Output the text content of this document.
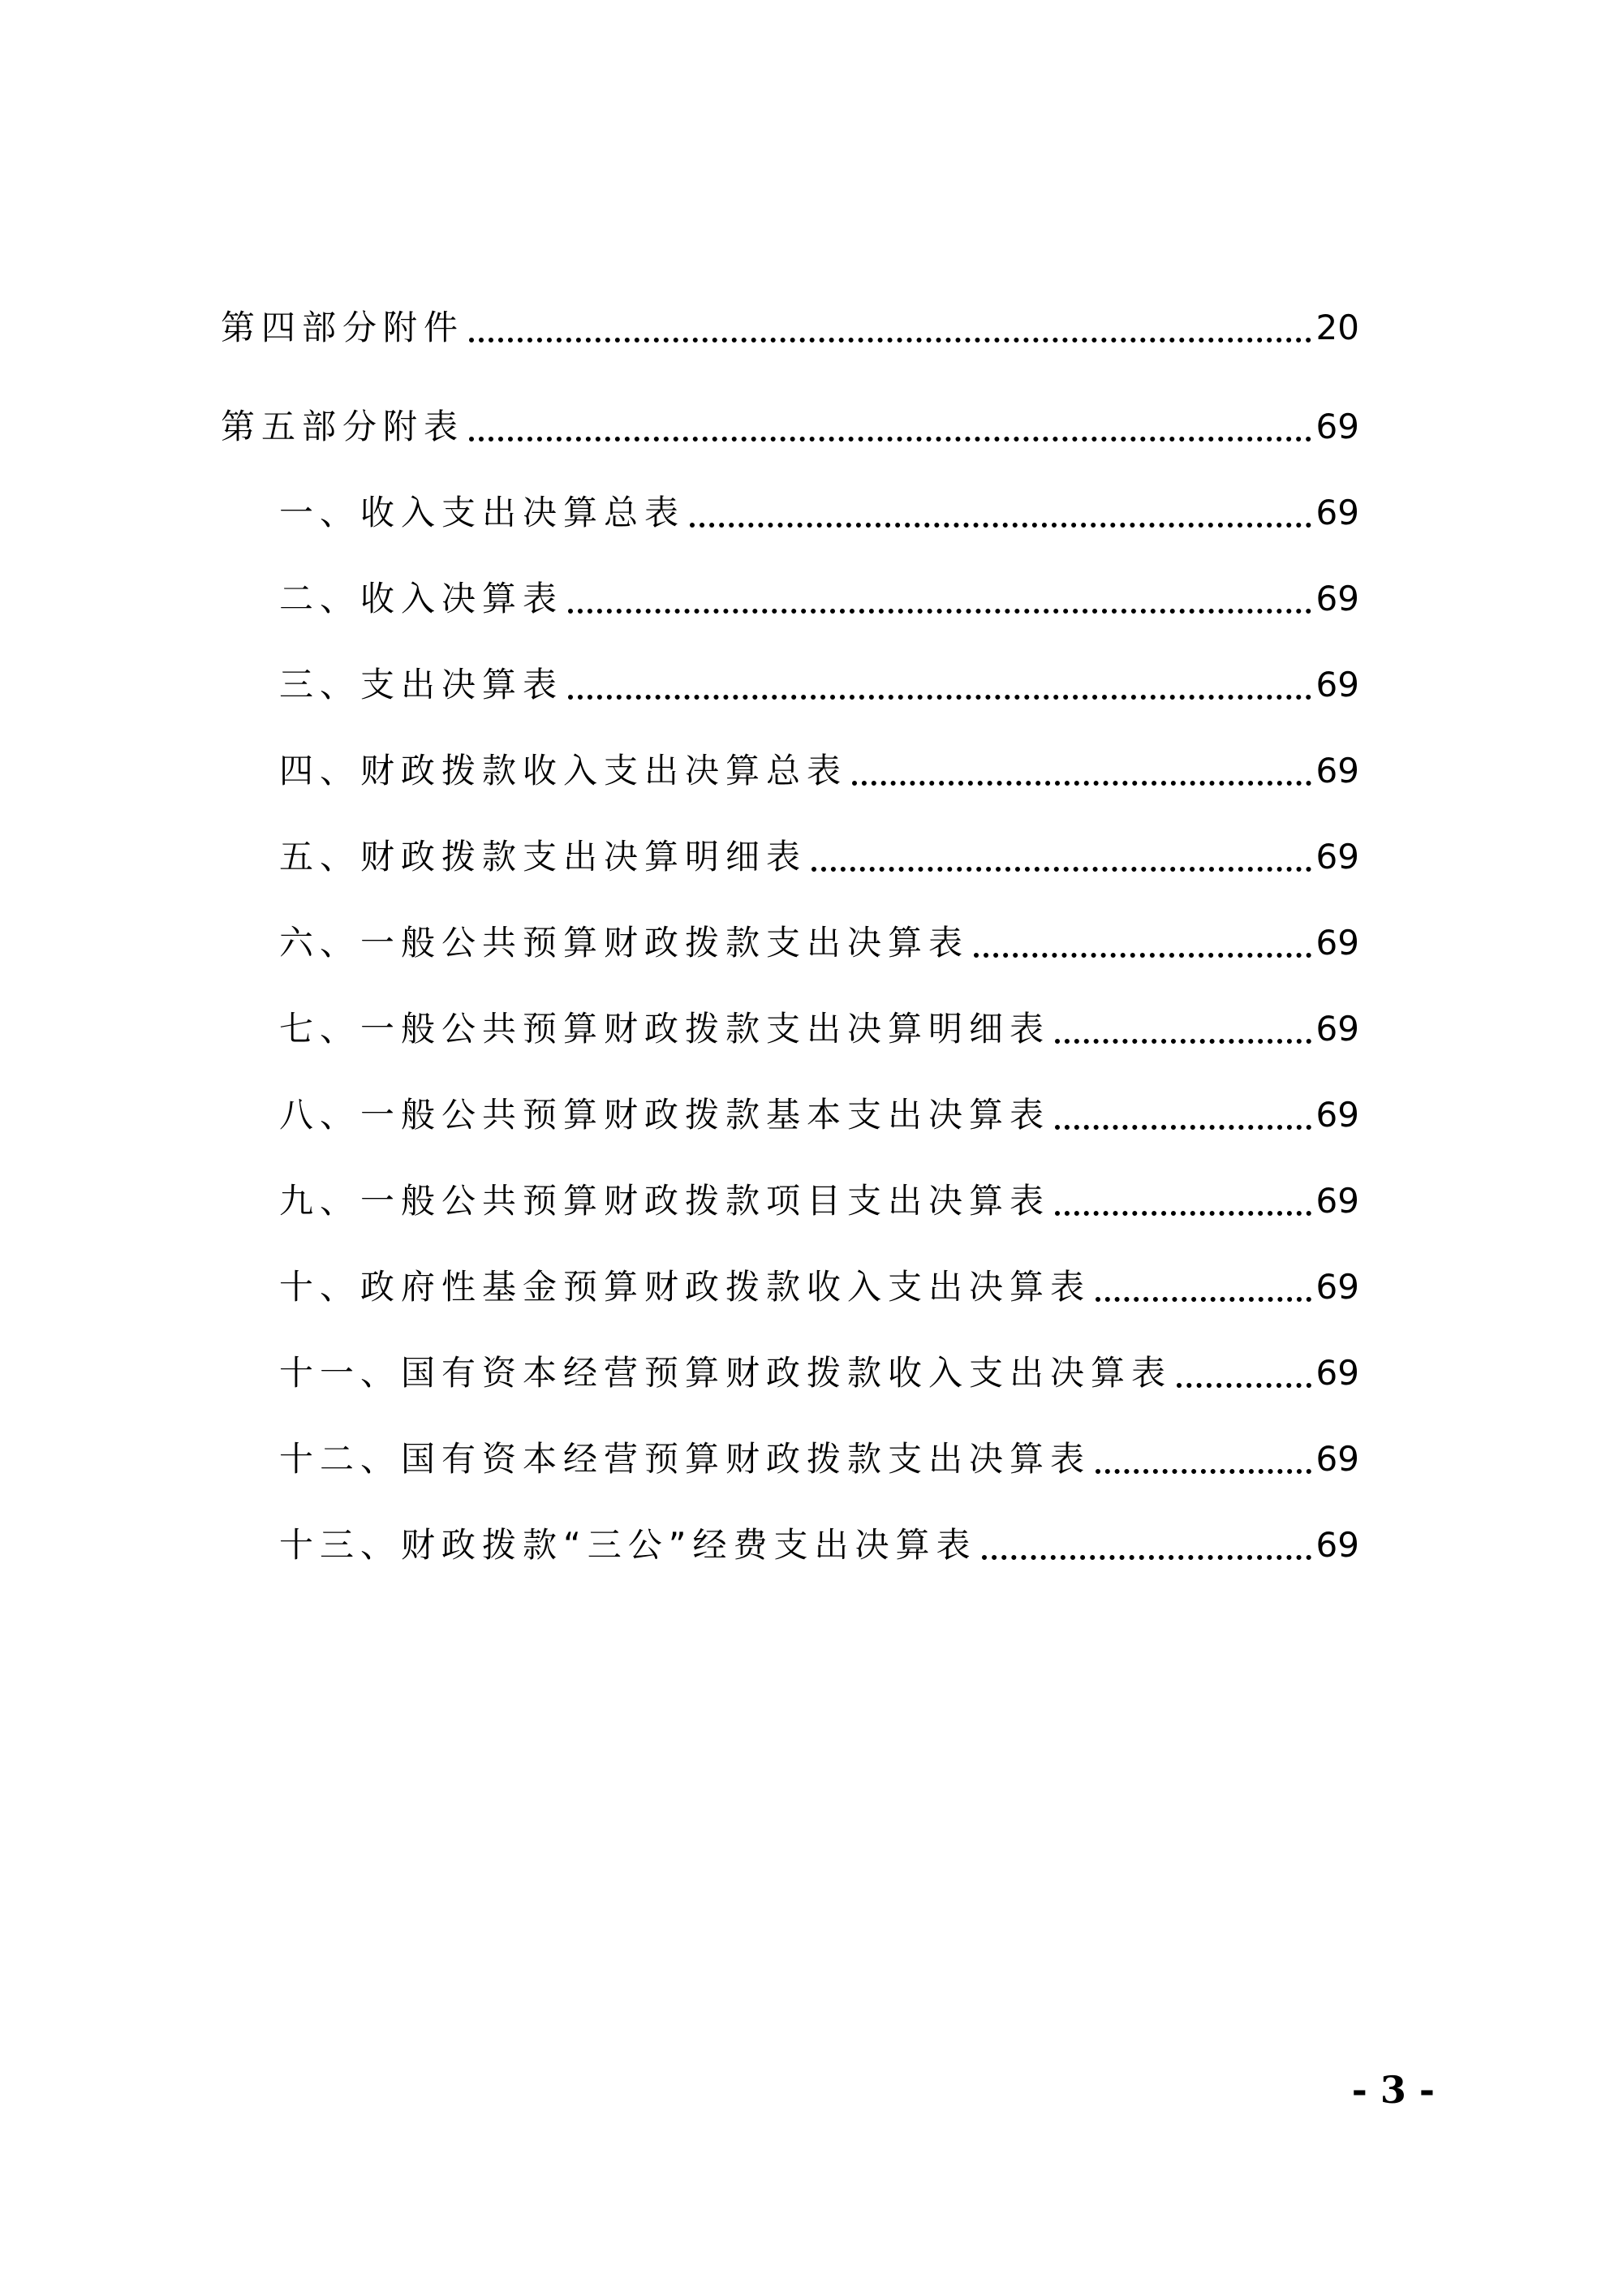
第四部分附件	20
第五部分附表	69
一、收入支出决算总表	69
二、收入决算表	69
三、支出决算表	69
四、财政拨款收入支出决算总表	69
五、财政拨款支出决算明细表	69
六、一般公共预算财政拨款支出决算表	69
七、一般公共预算财政拨款支出决算明细表	69
八、一般公共预算财政拨款基本支出决算表	69
九、一般公共预算财政拨款项目支出决算表	69
十、政府性基金预算财政拨款收入支出决算表	69
十一、国有资本经营预算财政拨款收入支出决算表	69
十二、国有资本经营预算财政拨款支出决算表	69
十三、财政拨款“三公”经费支出决算表	69
- 3 -
